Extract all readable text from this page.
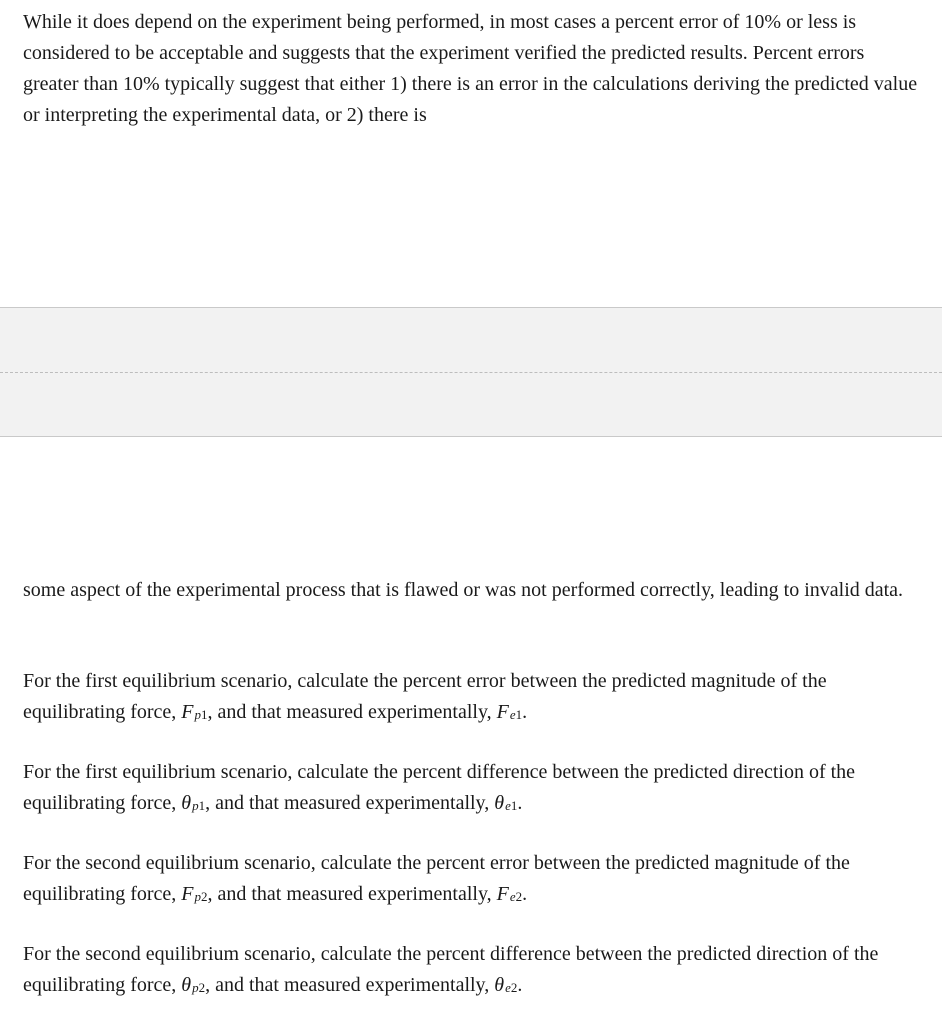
While it does depend on the experiment being performed, in most cases a percent error of 10% or less is considered to be acceptable and suggests that the experiment verified the predicted results. Percent errors greater than 10% typically suggest that either 1) there is an error in the calculations deriving the predicted value or interpreting the experimental data, or 2) there is

some aspect of the experimental process that is flawed or was not performed correctly, leading to invalid data.

For the first equilibrium scenario, calculate the percent error between the predicted magnitude of the equilibrating force, $F_{p1}$, and that measured experimentally, $F_{e1}$.

For the first equilibrium scenario, calculate the percent difference between the predicted direction of the equilibrating force, $\theta_{p1}$, and that measured experimentally, $\theta_{e1}$.

For the second equilibrium scenario, calculate the percent error between the predicted magnitude of the equilibrating force, $F_{p2}$, and that measured experimentally, $F_{e2}$.

For the second equilibrium scenario, calculate the percent difference between the predicted direction of the equilibrating force, $\theta_{p2}$, and that measured experimentally, $\theta_{e2}$.
